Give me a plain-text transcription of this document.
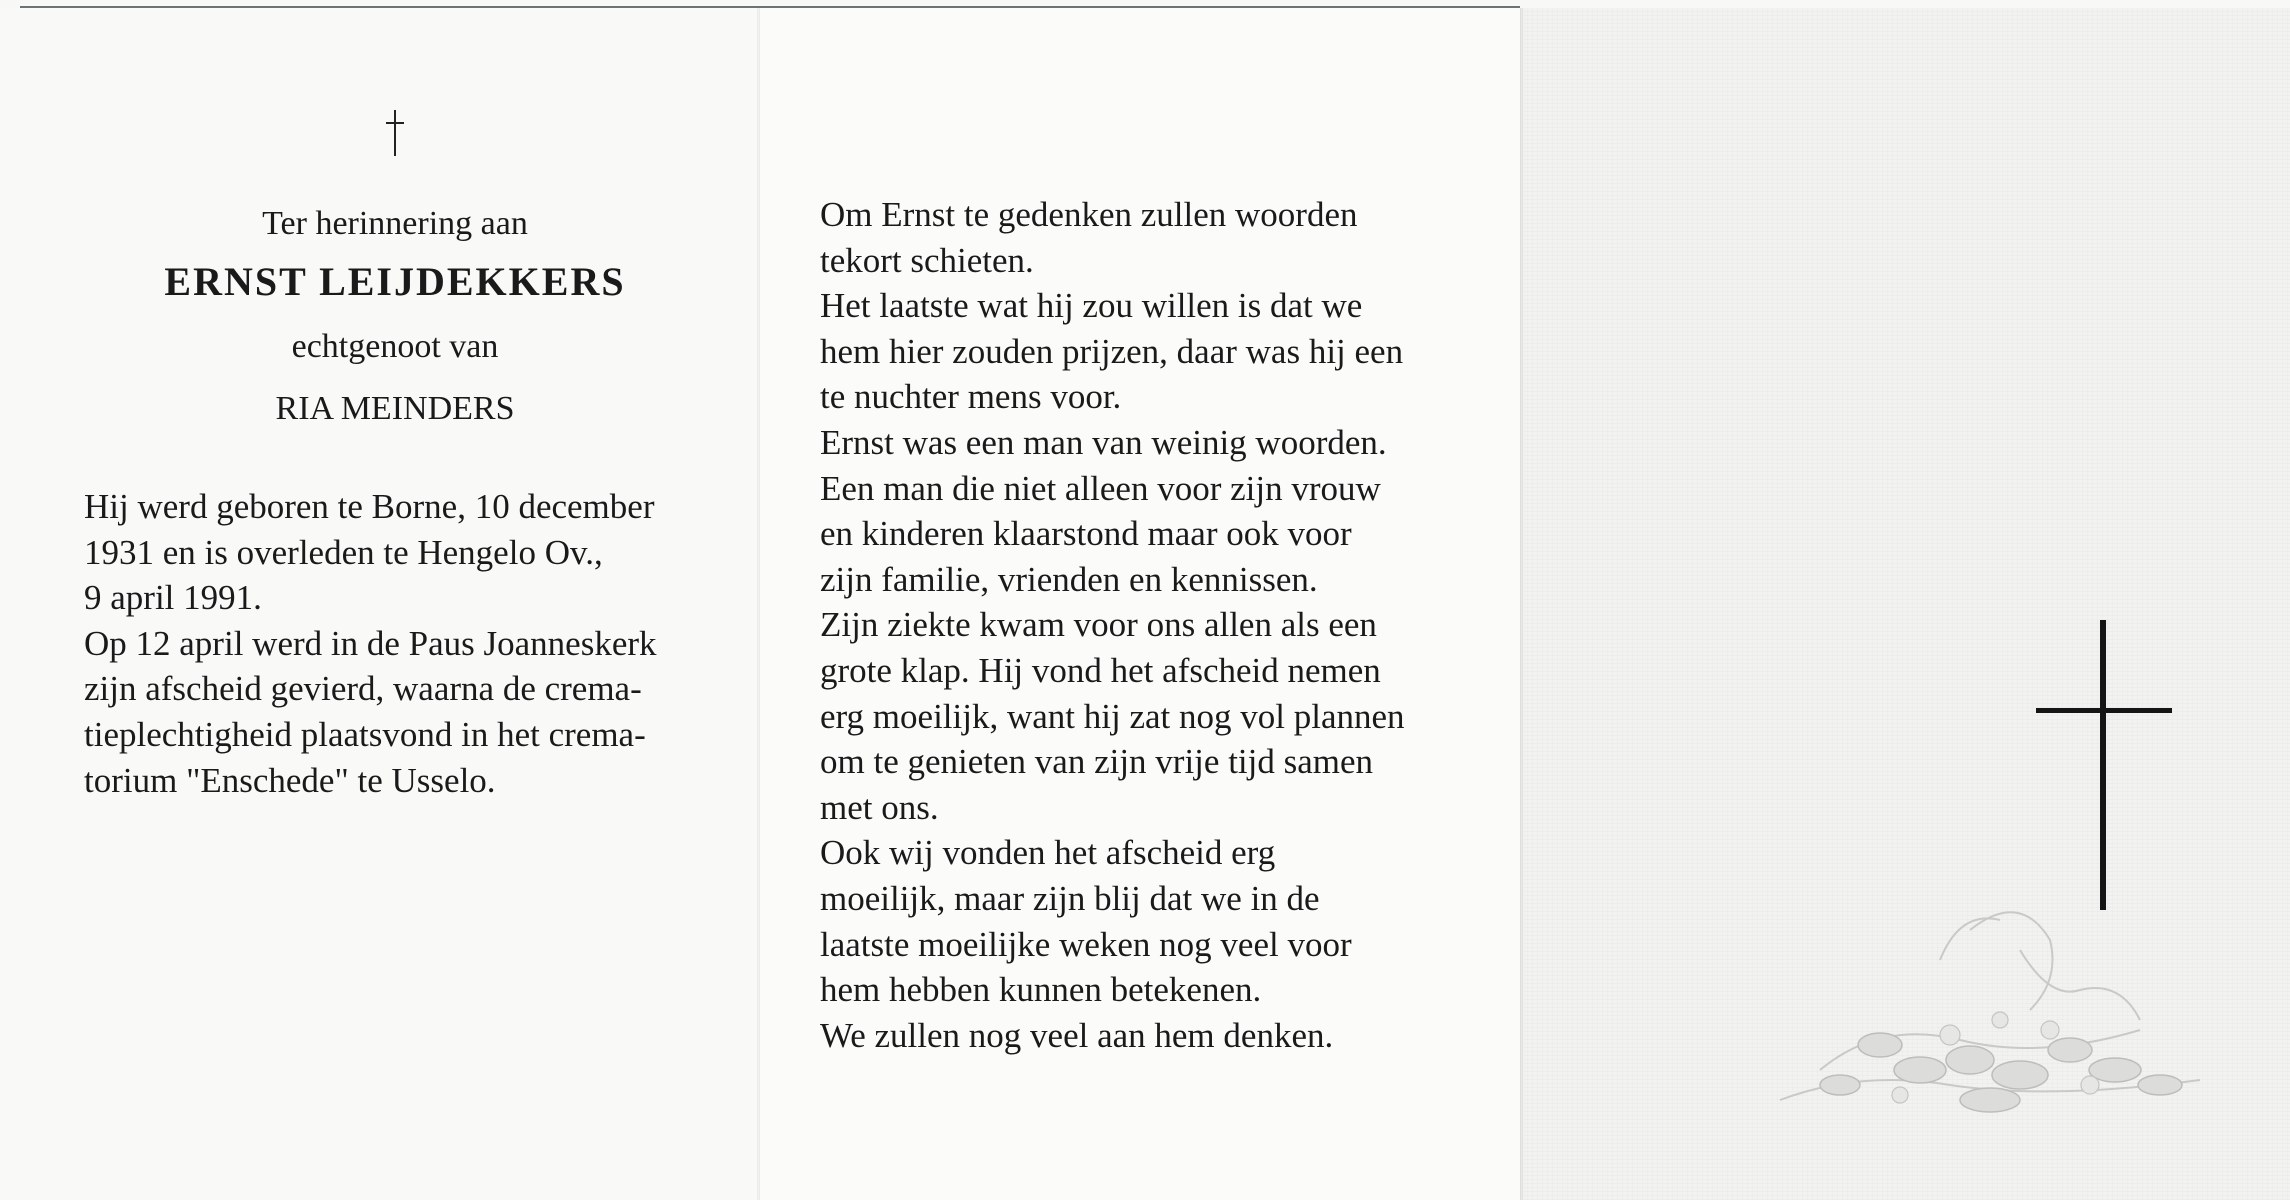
Ter herinnering aan
ERNST LEIJDEKKERS
echtgenoot van
RIA MEINDERS
Hij werd geboren te Borne, 10 december
1931 en is overleden te Hengelo Ov.,
9 april 1991.
Op 12 april werd in de Paus Joanneskerk
zijn afscheid gevierd, waarna de crema-
tieplechtigheid plaatsvond in het crema-
torium "Enschede" te Usselo.
Om Ernst te gedenken zullen woorden
tekort schieten.
Het laatste wat hij zou willen is dat we
hem hier zouden prijzen, daar was hij een
te nuchter mens voor.
Ernst was een man van weinig woorden.
Een man die niet alleen voor zijn vrouw
en kinderen klaarstond maar ook voor
zijn familie, vrienden en kennissen.
Zijn ziekte kwam voor ons allen als een
grote klap. Hij vond het afscheid nemen
erg moeilijk, want hij zat nog vol plannen
om te genieten van zijn vrije tijd samen
met ons.
Ook wij vonden het afscheid erg
moeilijk, maar zijn blij dat we in de
laatste moeilijke weken nog veel voor
hem hebben kunnen betekenen.
We zullen nog veel aan hem denken.
